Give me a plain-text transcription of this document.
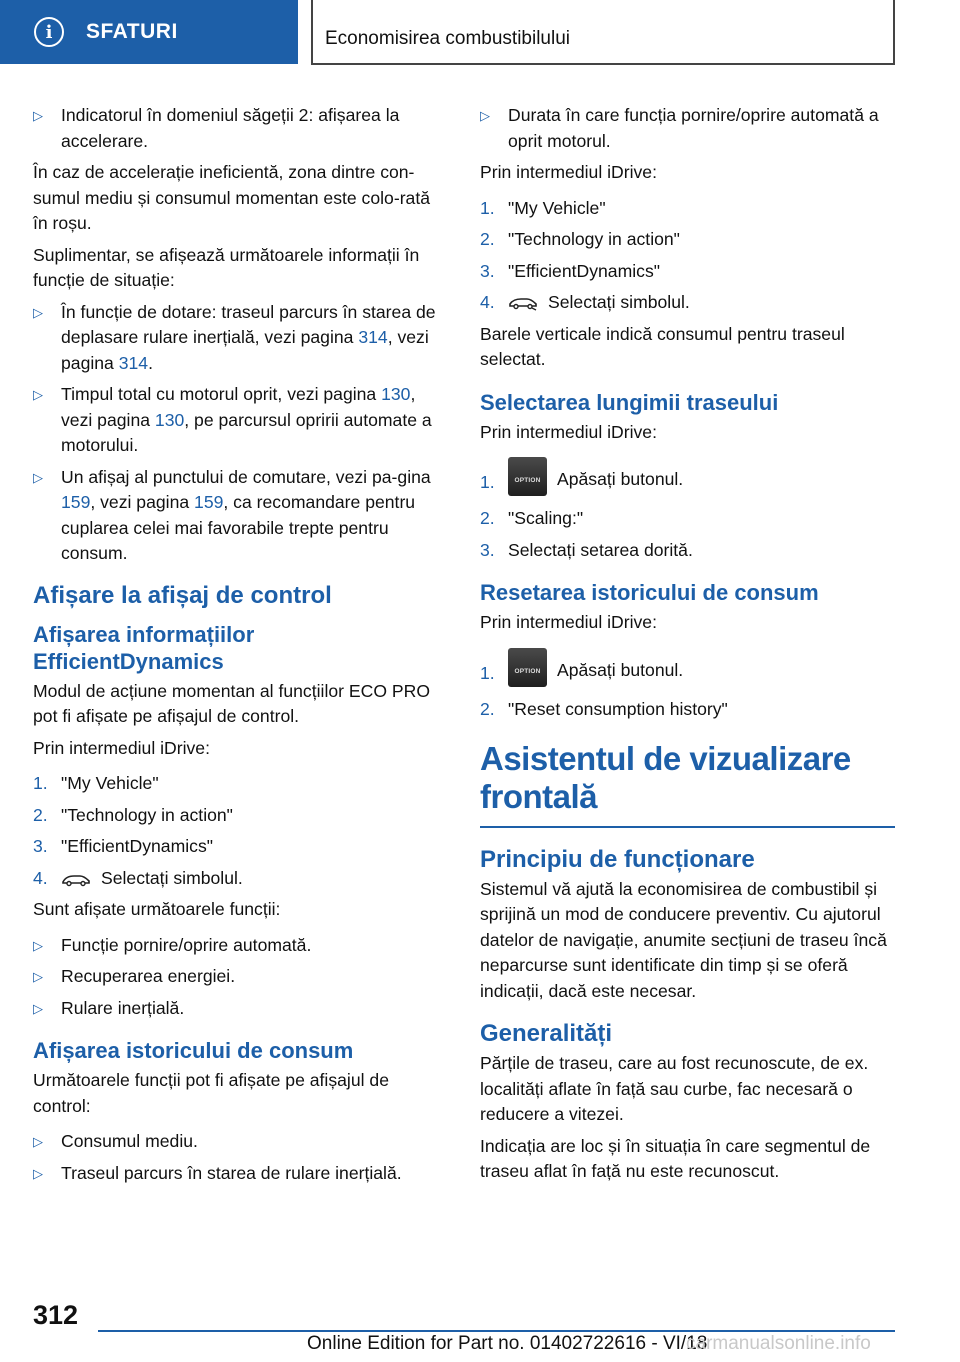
i	SFATURI	Economisirea combustibilului
▷ Indicatorul în domeniul săgeții 2: afișarea la accelerare.

În caz de accelerație ineficientă, zona dintre con-sumul mediu și consumul momentan este colo-rată în roșu.

Suplimentar, se afișează următoarele informații în funcție de situație:

▷ În funcție de dotare: traseul parcurs în starea de deplasare rulare inerțială, vezi pagina 314, vezi pagina 314.
▷ Timpul total cu motorul oprit, vezi pagina 130, vezi pagina 130, pe parcursul opririi automate a motorului.
▷ Un afișaj al punctului de comutare, vezi pa-gina 159, vezi pagina 159, ca recomandare pentru cuplarea celei mai favorabile trepte pentru consum.
Afișare la afișaj de control
Afișarea informațiilor EfficientDynamics

Modul de acțiune momentan al funcțiilor ECO PRO pot fi afișate pe afișajul de control.

Prin intermediul iDrive:

1. "My Vehicle"
2. "Technology in action"
3. "EfficientDynamics"
4.	Selectați simbolul.

Sunt afișate următoarele funcții:

▷ Funcție pornire/oprire automată.
▷ Recuperarea energiei.
▷ Rulare inerțială.
Afișarea istoricului de consum

Următoarele funcții pot fi afișate pe afișajul de control:

▷ Consumul mediu.
▷ Traseul parcurs în starea de rulare inerțială.
▷ Durata în care funcția pornire/oprire automată a oprit motorul.

Prin intermediul iDrive:

1. "My Vehicle"
2. "Technology in action"
3. "EfficientDynamics"
4.	Selectați simbolul.

Barele verticale indică consumul pentru traseul selectat.

Selectarea lungimii traseului

Prin intermediul iDrive:

1.	OPTION Apăsați butonul.
2. "Scaling:"
3. Selectați setarea dorită.
Resetarea istoricului de consum

Prin intermediul iDrive:

1.	OPTION Apăsați butonul.
2. "Reset consumption history"
Asistentul de vizualizare frontală
Principiu de funcționare

Sistemul vă ajută la economisirea de combustibil și sprijină un mod de conducere preventiv. Cu ajutorul datelor de navigație, anumite secțiuni de traseu încă neparcurse sunt identificate din timp și se oferă indicații, dacă este necesar.

Generalități

Părțile de traseu, care au fost recunoscute, de ex. localități aflate în față sau curbe, fac necesară o reducere a vitezei.

Indicația are loc și în situația în care segmentul de traseu aflat în față nu este recunoscut.

312
Online Edition for Part no. 01402722616 - VI/18
carmanualsonline.info
